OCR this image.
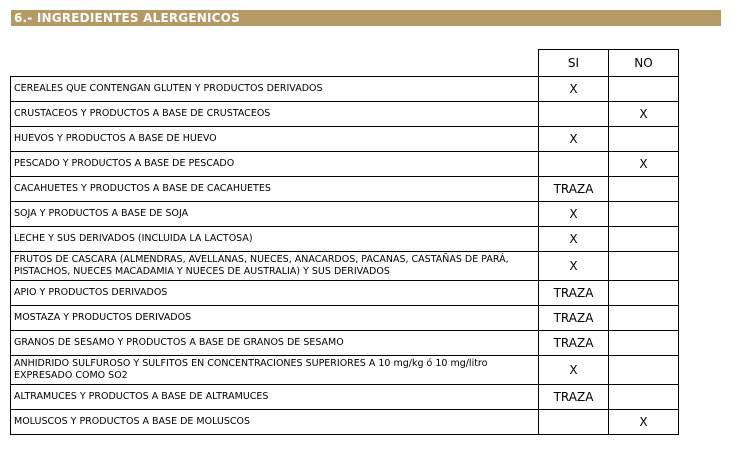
6.- INGREDIENTES ALERGENICOS
	SI	NO
CEREALES QUE CONTENGAN GLUTEN Y PRODUCTOS DERIVADOS	X	
CRUSTACEOS Y PRODUCTOS A BASE DE CRUSTACEOS		X
HUEVOS Y PRODUCTOS A BASE DE HUEVO	X	
PESCADO Y PRODUCTOS A BASE DE PESCADO		X
CACAHUETES Y PRODUCTOS A BASE DE CACAHUETES	TRAZA	
SOJA Y PRODUCTOS A BASE DE SOJA	X	
LECHE Y SUS DERIVADOS (INCLUIDA LA LACTOSA)	X	
FRUTOS DE CASCARA (ALMENDRAS, AVELLANAS, NUECES, ANACARDOS, PACANAS, CASTAÑAS DE PARÁ, PISTACHOS, NUECES MACADAMIA Y NUECES DE AUSTRALIA) Y SUS DERIVADOS	X	
APIO Y PRODUCTOS DERIVADOS	TRAZA	
MOSTAZA Y PRODUCTOS DERIVADOS	TRAZA	
GRANOS DE SESAMO Y PRODUCTOS A BASE DE GRANOS DE SESAMO	TRAZA	
ANHIDRIDO SULFUROSO Y SULFITOS EN CONCENTRACIONES SUPERIORES A 10 mg/kg ó 10 mg/litro EXPRESADO COMO SO2	X	
ALTRAMUCES Y PRODUCTOS A BASE DE ALTRAMUCES	TRAZA	
MOLUSCOS Y PRODUCTOS A BASE DE MOLUSCOS		X
